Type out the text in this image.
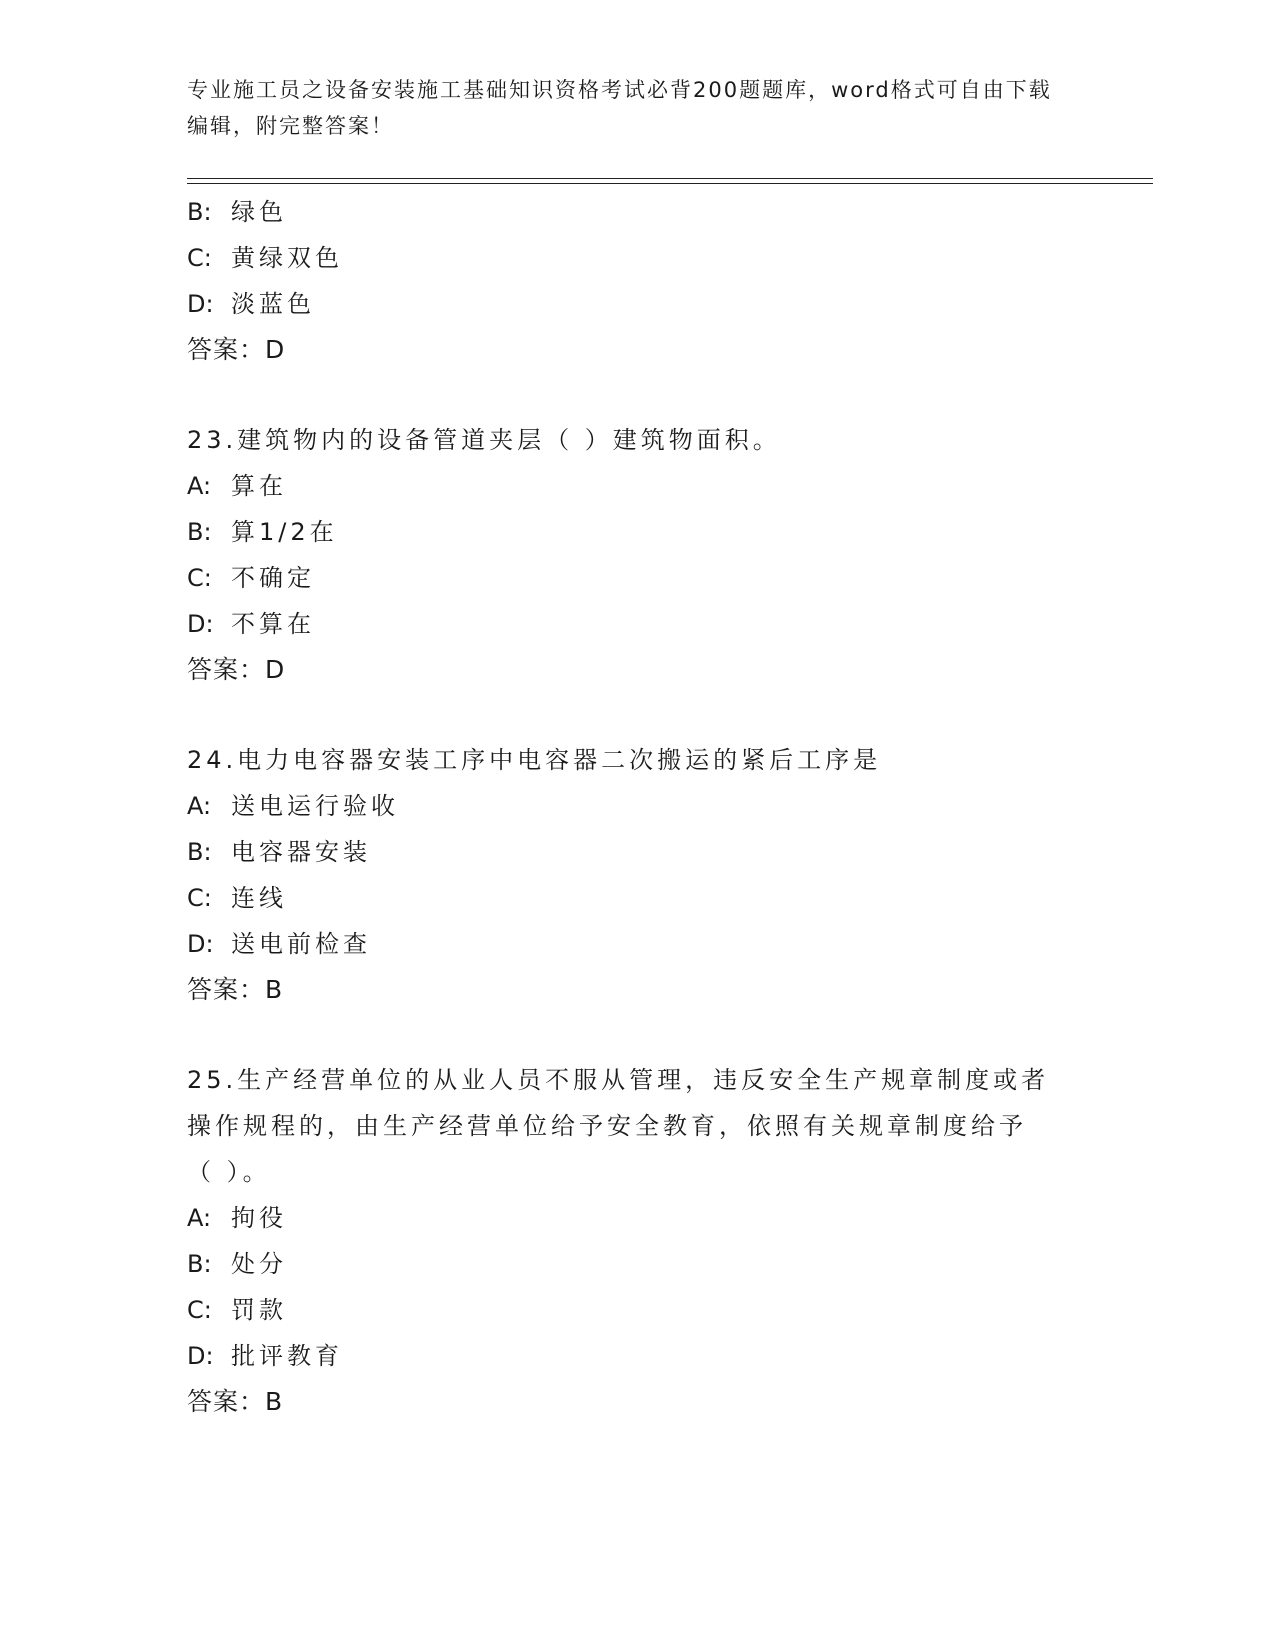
专业施工员之设备安装施工基础知识资格考试必背200题题库，word格式可自由下载编辑，附完整答案！
B: 绿色
C: 黄绿双色
D: 淡蓝色
答案：D
23.建筑物内的设备管道夹层（ ）建筑物面积。
A: 算在
B: 算1/2在
C: 不确定
D: 不算在
答案：D
24.电力电容器安装工序中电容器二次搬运的紧后工序是
A: 送电运行验收
B: 电容器安装
C: 连线
D: 送电前检查
答案：B
25.生产经营单位的从业人员不服从管理，违反安全生产规章制度或者
操作规程的，由生产经营单位给予安全教育，依照有关规章制度给予
（ ）。
A: 拘役
B: 处分
C: 罚款
D: 批评教育
答案：B
